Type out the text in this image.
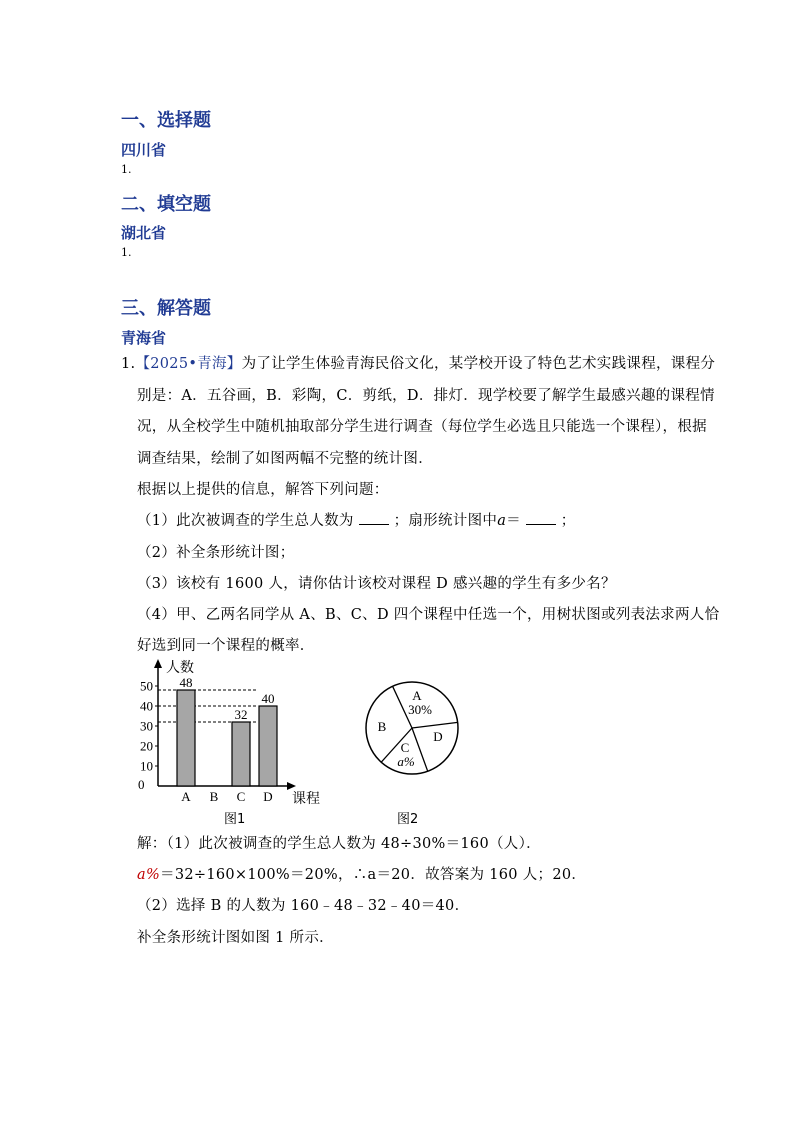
一、选择题
四川省
1.
二、填空题
湖北省
1.
三、解答题
青海省
1.【2025•青海】为了让学生体验青海民俗文化，某学校开设了特色艺术实践课程，课程分
别是：A．五谷画，B．彩陶，C．剪纸，D．排灯．现学校要了解学生最感兴趣的课程情
况，从全校学生中随机抽取部分学生进行调查（每位学生必选且只能选一个课程），根据
调查结果，绘制了如图两幅不完整的统计图．
根据以上提供的信息，解答下列问题：
（1）此次被调查的学生总人数为	；扇形统计图中a＝	；
（2）补全条形统计图；
（3）该校有 1600 人，请你估计该校对课程 D 感兴趣的学生有多少名？
（4）甲、乙两名同学从 A、B、C、D 四个课程中任选一个，用树状图或列表法求两人恰
好选到同一个课程的概率．
10
20
30
40
50 48
A B
32
C
40
D
人数
课程
0
图1
A
30%
B
C
a%
D
图2
解：（1）此次被调查的学生总人数为 48÷30%＝160（人）．
a%＝32÷160×100%＝20%，∴a＝20．故答案为 160 人；20．
（2）选择 B 的人数为 160﹣48﹣32﹣40＝40．
补全条形统计图如图 1 所示．
